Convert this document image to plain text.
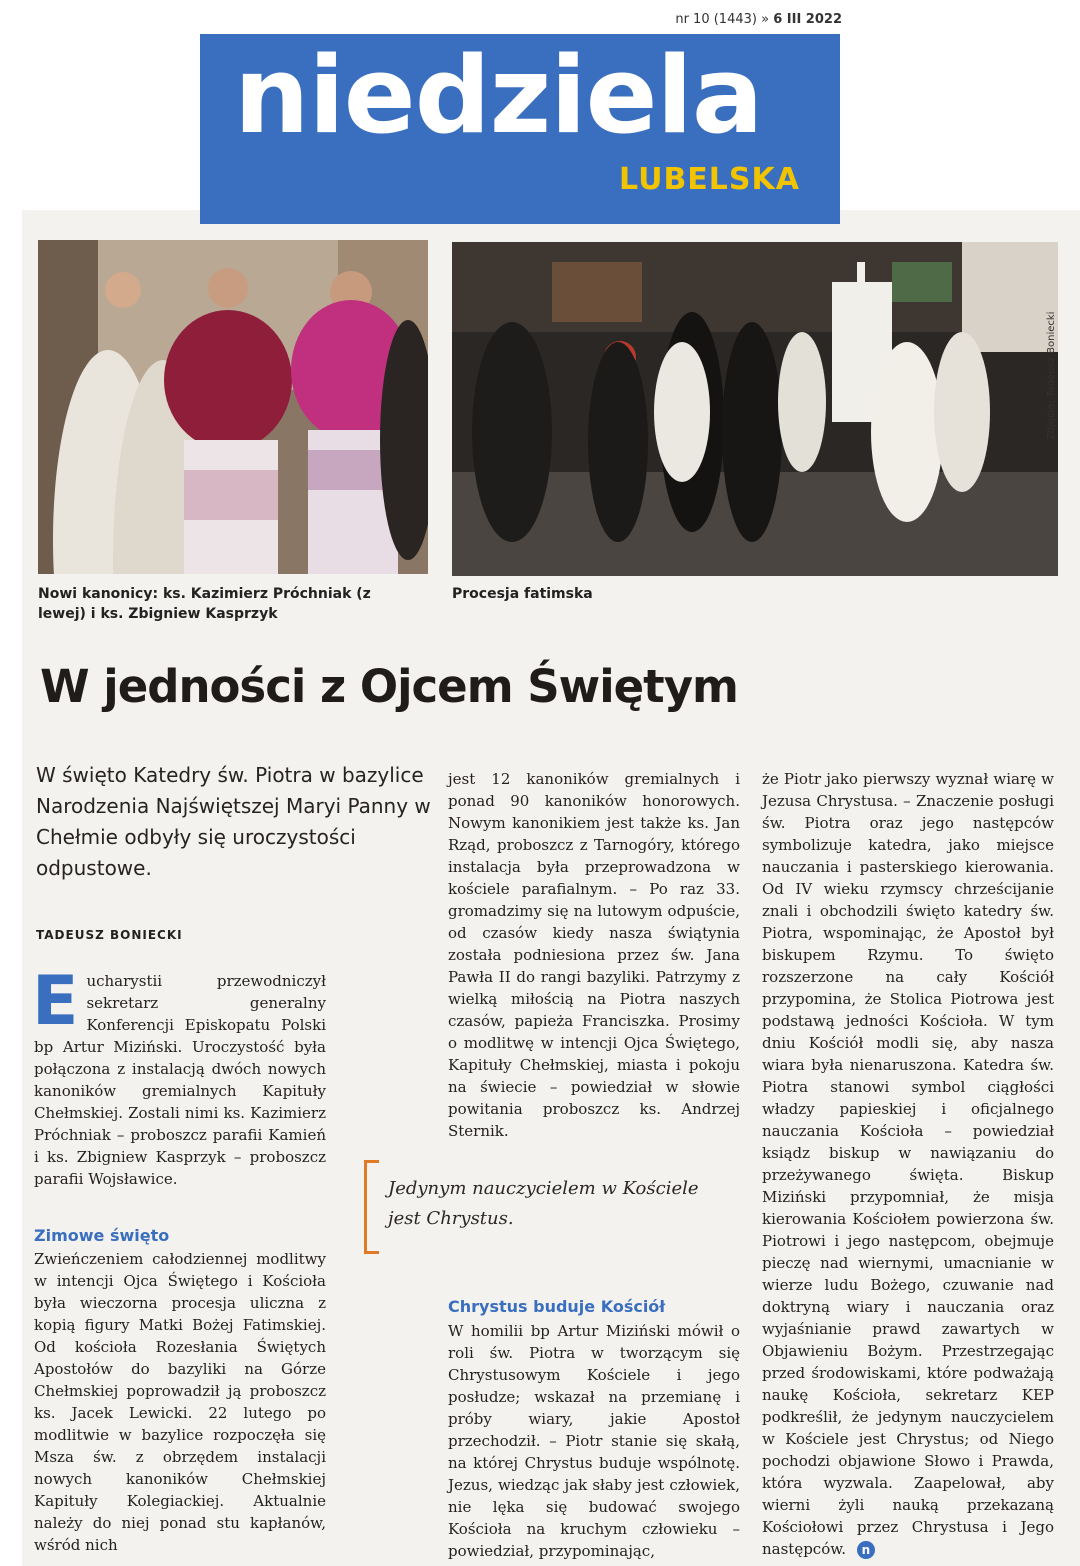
nr 10 (1443) » 6 III 2022
niedziela
LUBELSKA
Nowi kanonicy: ks. Kazimierz Próchniak (z lewej) i ks. Zbigniew Kasprzyk
Procesja fatimska
Zdjęcia: Tadeusz Boniecki
W jedności z Ojcem Świętym
W święto Katedry św. Piotra w bazylice Narodzenia Najświętszej Maryi Panny w Chełmie odbyły się uroczystości odpustowe.
TADEUSZ BONIECKI

E ucharystii przewodniczył sekretarz generalny Konferencji Episkopatu Polski bp Artur Miziński. Uroczystość była połączona z instalacją dwóch nowych kanoników gremialnych Kapituły Chełmskiej. Zostali nimi ks. Kazimierz Próchniak – proboszcz parafii Kamień i ks. Zbigniew Kasprzyk – proboszcz parafii Wojsławice.

Zimowe święto

Zwieńczeniem całodziennej modlitwy w intencji Ojca Świętego i Kościoła była wieczorna procesja uliczna z kopią figury Matki Bożej Fatimskiej. Od kościoła Rozesłania Świętych Apostołów do bazyliki na Górze Chełmskiej poprowadził ją proboszcz ks. Jacek Lewicki. 22 lutego po modlitwie w bazylice rozpoczęła się Msza św. z obrzędem instalacji nowych kanoników Chełmskiej Kapituły Kolegiackiej. Aktualnie należy do niej ponad stu kapłanów, wśród nich

jest 12 kanoników gremialnych i ponad 90 kanoników honorowych. Nowym kanonikiem jest także ks. Jan Rząd, proboszcz z Tarnogóry, którego instalacja była przeprowadzona w kościele parafialnym. – Po raz 33. gromadzimy się na lutowym odpuście, od czasów kiedy nasza świątynia została podniesiona przez św. Jana Pawła II do rangi bazyliki. Patrzymy z wielką miłością na Piotra naszych czasów, papieża Franciszka. Prosimy o modlitwę w intencji Ojca Świętego, Kapituły Chełmskiej, miasta i pokoju na świecie – powiedział w słowie powitania proboszcz ks. Andrzej Sternik.

Jedynym nauczycielem w Kościele
jest Chrystus.
Chrystus buduje Kościół

W homilii bp Artur Miziński mówił o roli św. Piotra w tworzącym się Chrystusowym Kościele i jego posłudze; wskazał na przemianę i próby wiary, jakie Apostoł przechodził. – Piotr stanie się skałą, na której Chrystus buduje wspólnotę. Jezus, wiedząc jak słaby jest człowiek, nie lęka się budować swojego Kościoła na kruchym człowieku – powiedział, przypominając,

że Piotr jako pierwszy wyznał wiarę w Jezusa Chrystusa. – Znaczenie posługi św. Piotra oraz jego następców symbolizuje katedra, jako miejsce nauczania i pasterskiego kierowania. Od IV wieku rzymscy chrześcijanie znali i obchodzili święto katedry św. Piotra, wspominając, że Apostoł był biskupem Rzymu. To święto rozszerzone na cały Kościół przypomina, że Stolica Piotrowa jest podstawą jedności Kościoła. W tym dniu Kościół modli się, aby nasza wiara była nienaruszona. Katedra św. Piotra stanowi symbol ciągłości władzy papieskiej i oficjalnego nauczania Kościoła – powiedział ksiądz biskup w nawiązaniu do przeżywanego święta. Biskup Miziński przypomniał, że misja kierowania Kościołem powierzona św. Piotrowi i jego następcom, obejmuje pieczę nad wiernymi, umacnianie w wierze ludu Bożego, czuwanie nad doktryną wiary i nauczania oraz wyjaśnianie prawd zawartych w Objawieniu Bożym. Przestrzegając przed środowiskami, które podważają naukę Kościoła, sekretarz KEP podkreślił, że jedynym nauczycielem w Kościele jest Chrystus; od Niego pochodzi objawione Słowo i Prawda, która wyzwala. Zaapelował, aby wierni żyli nauką przekazaną Kościołowi przez Chrystusa i Jego następców. n
